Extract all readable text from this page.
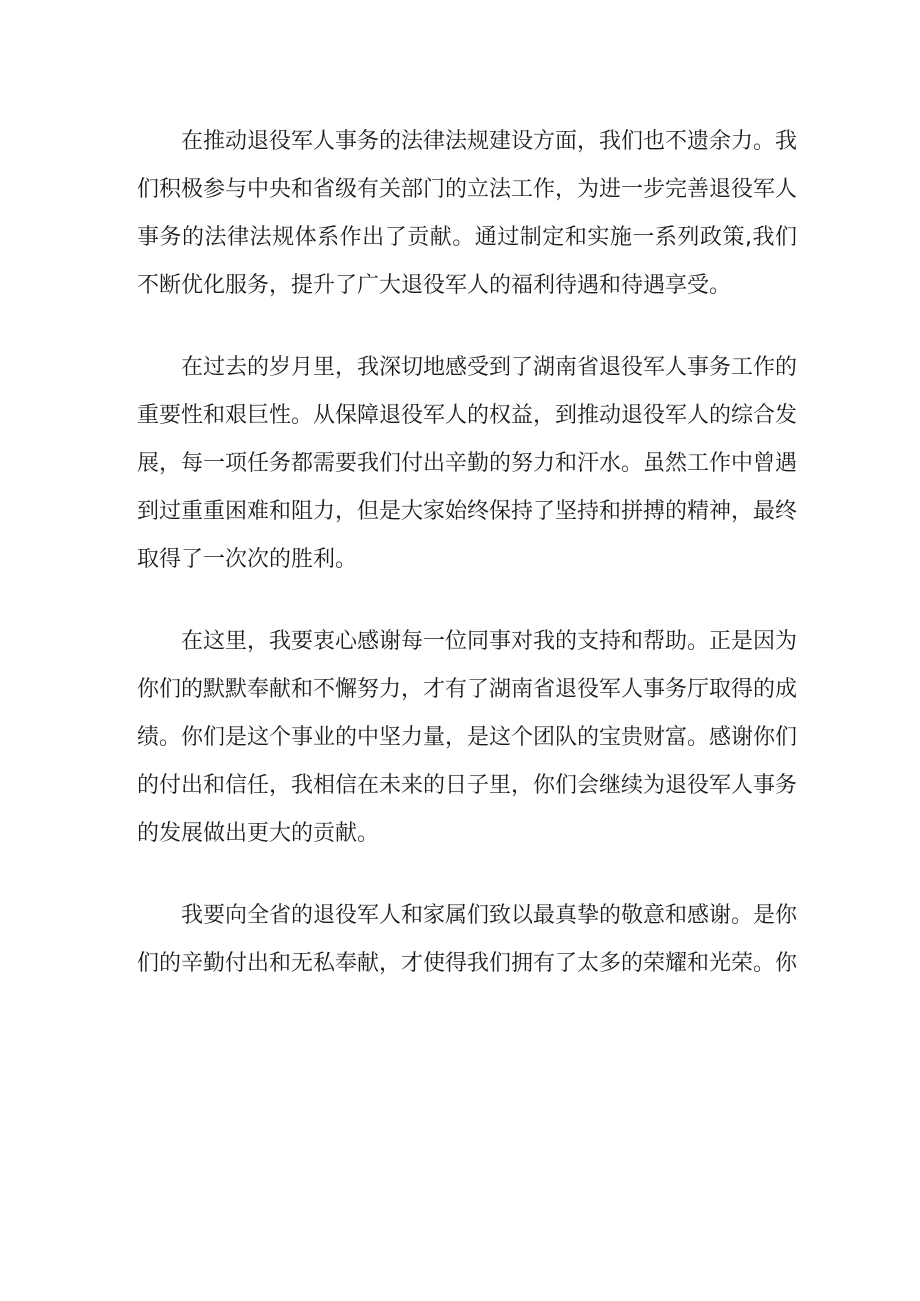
在推动退役军人事务的法律法规建设方面，我们也不遗余力。我们积极参与中央和省级有关部门的立法工作，为进一步完善退役军人事务的法律法规体系作出了贡献。通过制定和实施一系列政策,我们不断优化服务，提升了广大退役军人的福利待遇和待遇享受。

在过去的岁月里，我深切地感受到了湖南省退役军人事务工作的重要性和艰巨性。从保障退役军人的权益，到推动退役军人的综合发展，每一项任务都需要我们付出辛勤的努力和汗水。虽然工作中曾遇到过重重困难和阻力，但是大家始终保持了坚持和拼搏的精神，最终取得了一次次的胜利。

在这里，我要衷心感谢每一位同事对我的支持和帮助。正是因为你们的默默奉献和不懈努力，才有了湖南省退役军人事务厅取得的成绩。你们是这个事业的中坚力量，是这个团队的宝贵财富。感谢你们的付出和信任，我相信在未来的日子里，你们会继续为退役军人事务的发展做出更大的贡献。

我要向全省的退役军人和家属们致以最真挚的敬意和感谢。是你们的辛勤付出和无私奉献，才使得我们拥有了太多的荣耀和光荣。你
